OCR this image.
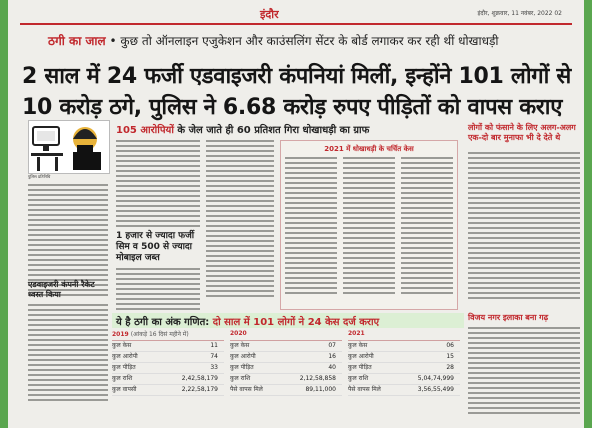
इंदौर	इंदौर, शुक्रवार, 11 नवंबर, 2022 02
ठगी का जाल • कुछ तो ऑनलाइन एजुकेशन और काउंसलिंग सेंटर के बोर्ड लगाकर कर रही थीं धोखाधड़ी
2 साल में 24 फर्जी एडवाइजरी कंपनियां मिलीं, इन्होंने 101 लोगों से
10 करोड़ ठगे, पुलिस ने 6.68 करोड़ रुपए पीड़ितों को वापस कराए
पुलिस प्रतिनिधि
एडवाइजरी कंपनी रैकेट ध्वस्त किया
105 आरोपियों के जेल जाते ही 60 प्रतिशत गिरा धोखाधड़ी का ग्राफ
1 हजार से ज्यादा फर्जी सिम व 500 से ज्यादा मोबाइल जब्त
2021 में धोखाधड़ी के चर्चित केस
लोगों को फंसाने के लिए अलग-अलग एक-दो बार मुनाफा भी दे देते थे
ये है ठगी का अंक गणित: दो साल में 101 लोगों ने 24 केस दर्ज कराए
2019 (आंकड़े 16 दिसं महीने में)
कुल केस	11
कुल आरोपी	74
कुल पीड़ित	33
कुल राशि	2,42,58,179
कुल वापसी	2,22,58,179
2020
कुल केस	07
कुल आरोपी	16
कुल पीड़ित	40
कुल राशि	2,12,58,858
पैसे वापस मिले	89,11,000
2021
कुल केस	06
कुल आरोपी	15
कुल पीड़ित	28
कुल राशि	5,04,74,999
पैसे वापस मिले	3,56,55,499
विजय नगर इलाका बना गढ़
